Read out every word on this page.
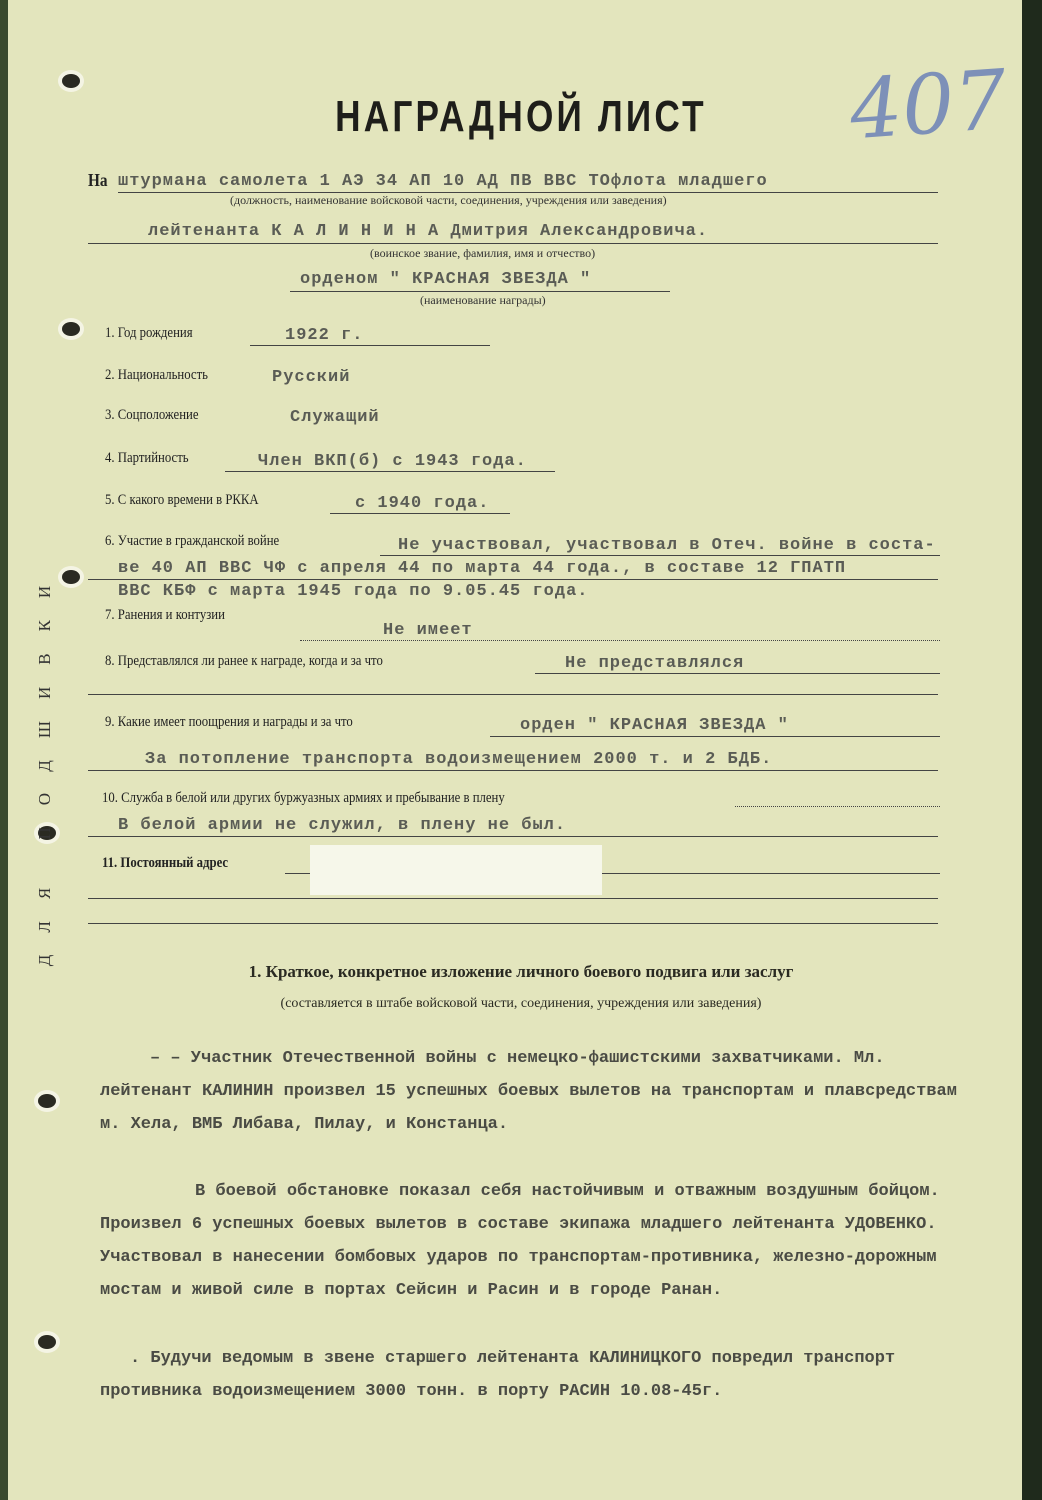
НАГРАДНОЙ ЛИСТ	407
ДЛЯ ПОДШИВКИ
На штурмана самолета 1 АЭ 34 АП 10 АД ПВ ВВС ТОфлота младшего
(должность, наименование войсковой части, соединения, учреждения или заведения)
лейтенанта К А Л И Н И Н А Дмитрия Александровича.
(воинское звание, фамилия, имя и отчество)
орденом " КРАСНАЯ ЗВЕЗДА "
(наименование награды)
1. Год рождения	1922 г.
2. Национальность	Русский
3. Соцположение	Служащий
4. Партийность	Член ВКП(б) с 1943 года.
5. С какого времени в РККА	с 1940 года.
6. Участие в гражданской войне	Не участвовал, участвовал в Отеч. войне в соста-
ве 40 АП ВВС ЧФ с апреля 44 по марта 44 года., в составе 12 ГПАТП
ВВС КБФ с марта 1945 года по 9.05.45 года.
7. Ранения и контузии
Не имеет
8. Представлялся ли ранее к награде, когда и за что	Не представлялся
9. Какие имеет поощрения и награды и за что	орден " КРАСНАЯ ЗВЕЗДА "
За потопление транспорта водоизмещением 2000 т. и 2 БДБ.
10. Служба в белой или других буржуазных армиях и пребывание в плену
В белой армии не служил, в плену не был.
11. Постоянный адрес
1. Краткое, конкретное изложение личного боевого подвига или заслуг
(составляется в штабе войсковой части, соединения, учреждения или заведения)
– – Участник Отечественной войны с немецко-фашистскими захватчиками. Мл. лейтенант КАЛИНИН произвел 15 успешных боевых вылетов на транспортам и плавсредствам м. Хела, ВМБ Либава, Пилау, и Констанца.
В боевой обстановке показал себя настойчивым и отважным воздушным бойцом. Произвел 6 успешных боевых вылетов в составе экипажа младшего лейтенанта УДОВЕНКО. Участвовал в нанесении бомбовых ударов по транспортам-противника, железно-дорожным мостам и живой силе в портах Сейсин и Расин и в городе Ранан.
. Будучи ведомым в звене старшего лейтенанта КАЛИНИЦКОГО повредил транспорт противника водоизмещением 3000 тонн. в порту РАСИН 10.08-45г.
